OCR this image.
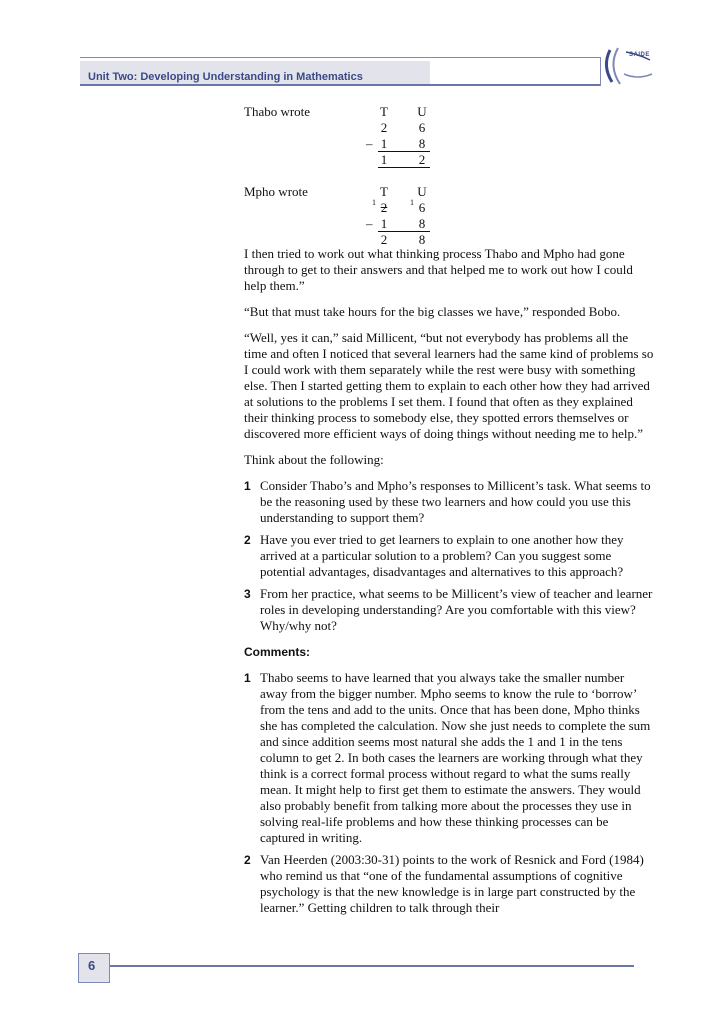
Unit Two: Developing Understanding in Mathematics
SAIDE
Thabo wrote	T	U
2	6
– 1	8
1	2
Mpho wrote	T	U
1 2	1 6
– 1	8
2	8

I then tried to work out what thinking process Thabo and Mpho had gone through to get to their answers and that helped me to work out how I could help them.”

“But that must take hours for the big classes we have,” responded Bobo.

“Well, yes it can,” said Millicent, “but not everybody has problems all the time and often I noticed that several learners had the same kind of problems so I could work with them separately while the rest were busy with something else. Then I started getting them to explain to each other how they had arrived at solutions to the problems I set them. I found that often as they explained their thinking process to somebody else, they spotted errors themselves or discovered more efficient ways of doing things without needing me to help.”

Think about the following:

1 Consider Thabo’s and Mpho’s responses to Millicent’s task. What seems to be the reasoning used by these two learners and how could you use this understanding to support them?
2 Have you ever tried to get learners to explain to one another how they arrived at a particular solution to a problem? Can you suggest some potential advantages, disadvantages and alternatives to this approach?
3 From her practice, what seems to be Millicent’s view of teacher and learner roles in developing understanding? Are you comfortable with this view? Why/why not?
Comments:
1 Thabo seems to have learned that you always take the smaller number away from the bigger number. Mpho seems to know the rule to ‘borrow’ from the tens and add to the units. Once that has been done, Mpho thinks she has completed the calculation. Now she just needs to complete the sum and since addition seems most natural she adds the 1 and 1 in the tens column to get 2. In both cases the learners are working through what they think is a correct formal process without regard to what the sums really mean. It might help to first get them to estimate the answers. They would also probably benefit from talking more about the processes they use in solving real-life problems and how these thinking processes can be captured in writing.
2 Van Heerden (2003:30-31) points to the work of Resnick and Ford (1984) who remind us that “one of the fundamental assumptions of cognitive psychology is that the new knowledge is in large part constructed by the learner.” Getting children to talk through their
6
